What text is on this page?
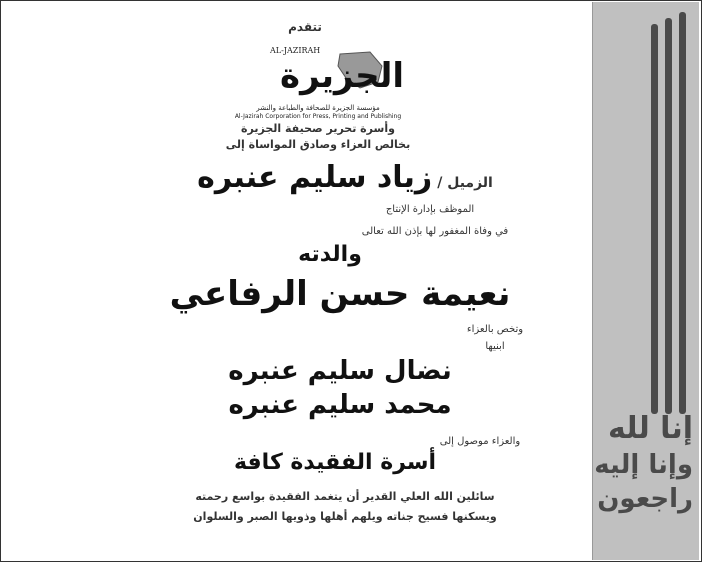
تتقدم
AL-JAZIRAH
الجزيرة
مؤسسة الجزيرة للصحافة والطباعة والنشر
Al-Jazirah Corporation for Press, Printing and Publishing
وأسرة تحرير صحيفة الجزيرة
بخالص العزاء وصادق المواساة إلى
الزميل / زياد سليم عنبره
الموظف بإدارة الإنتاج
في وفاة المغفور لها بإذن الله تعالى
والدته
نعيمة حسن الرفاعي
وتخص بالعزاء
ابنيها
نضال سليم عنبره
محمد سليم عنبره
والعزاء موصول إلى
أسرة الفقيدة كافة
سائلين الله العلي القدير أن يتغمد الفقيدة بواسع رحمته
ويسكنها فسيح جناته ويلهم أهلها وذويها الصبر والسلوان
إنا لله
وإنا إليه
راجعون
